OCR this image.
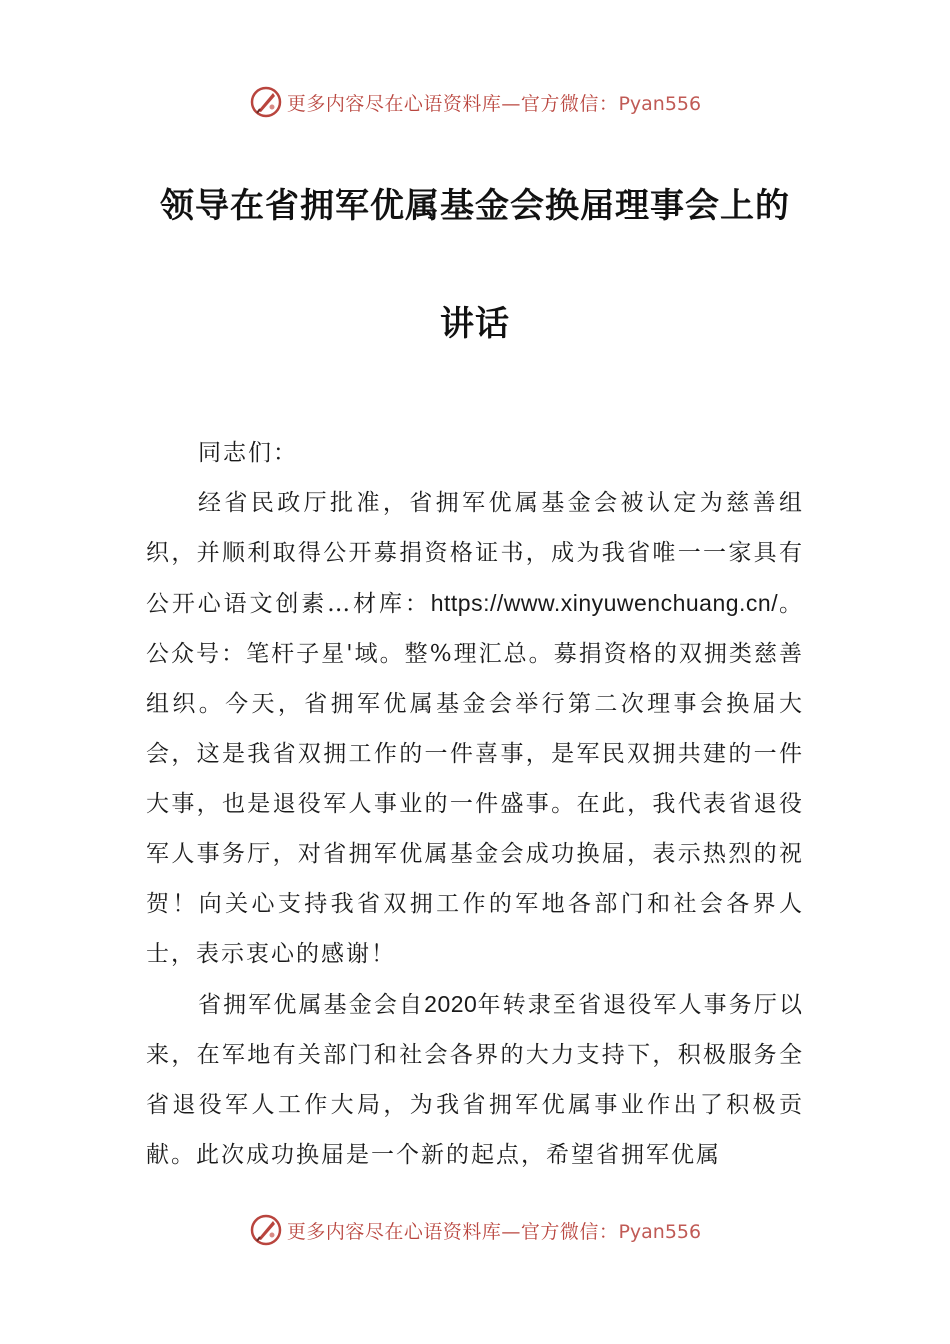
更多内容尽在心语资料库—官方微信：Pyan556
领导在省拥军优属基金会换届理事会上的
讲话

同志们：

经省民政厅批准，省拥军优属基金会被认定为慈善组织，并顺利取得公开募捐资格证书，成为我省唯一一家具有公开心语文创素…材库：https://www.xinyuwenchuang.cn/。公众号：笔杆子星'域。整%理汇总。募捐资格的双拥类慈善组织。今天，省拥军优属基金会举行第二次理事会换届大会，这是我省双拥工作的一件喜事，是军民双拥共建的一件大事，也是退役军人事业的一件盛事。在此，我代表省退役军人事务厅，对省拥军优属基金会成功换届，表示热烈的祝贺！向关心支持我省双拥工作的军地各部门和社会各界人士，表示衷心的感谢！

省拥军优属基金会自2020年转隶至省退役军人事务厅以来，在军地有关部门和社会各界的大力支持下，积极服务全省退役军人工作大局，为我省拥军优属事业作出了积极贡献。此次成功换届是一个新的起点，希望省拥军优属

更多内容尽在心语资料库—官方微信：Pyan556
